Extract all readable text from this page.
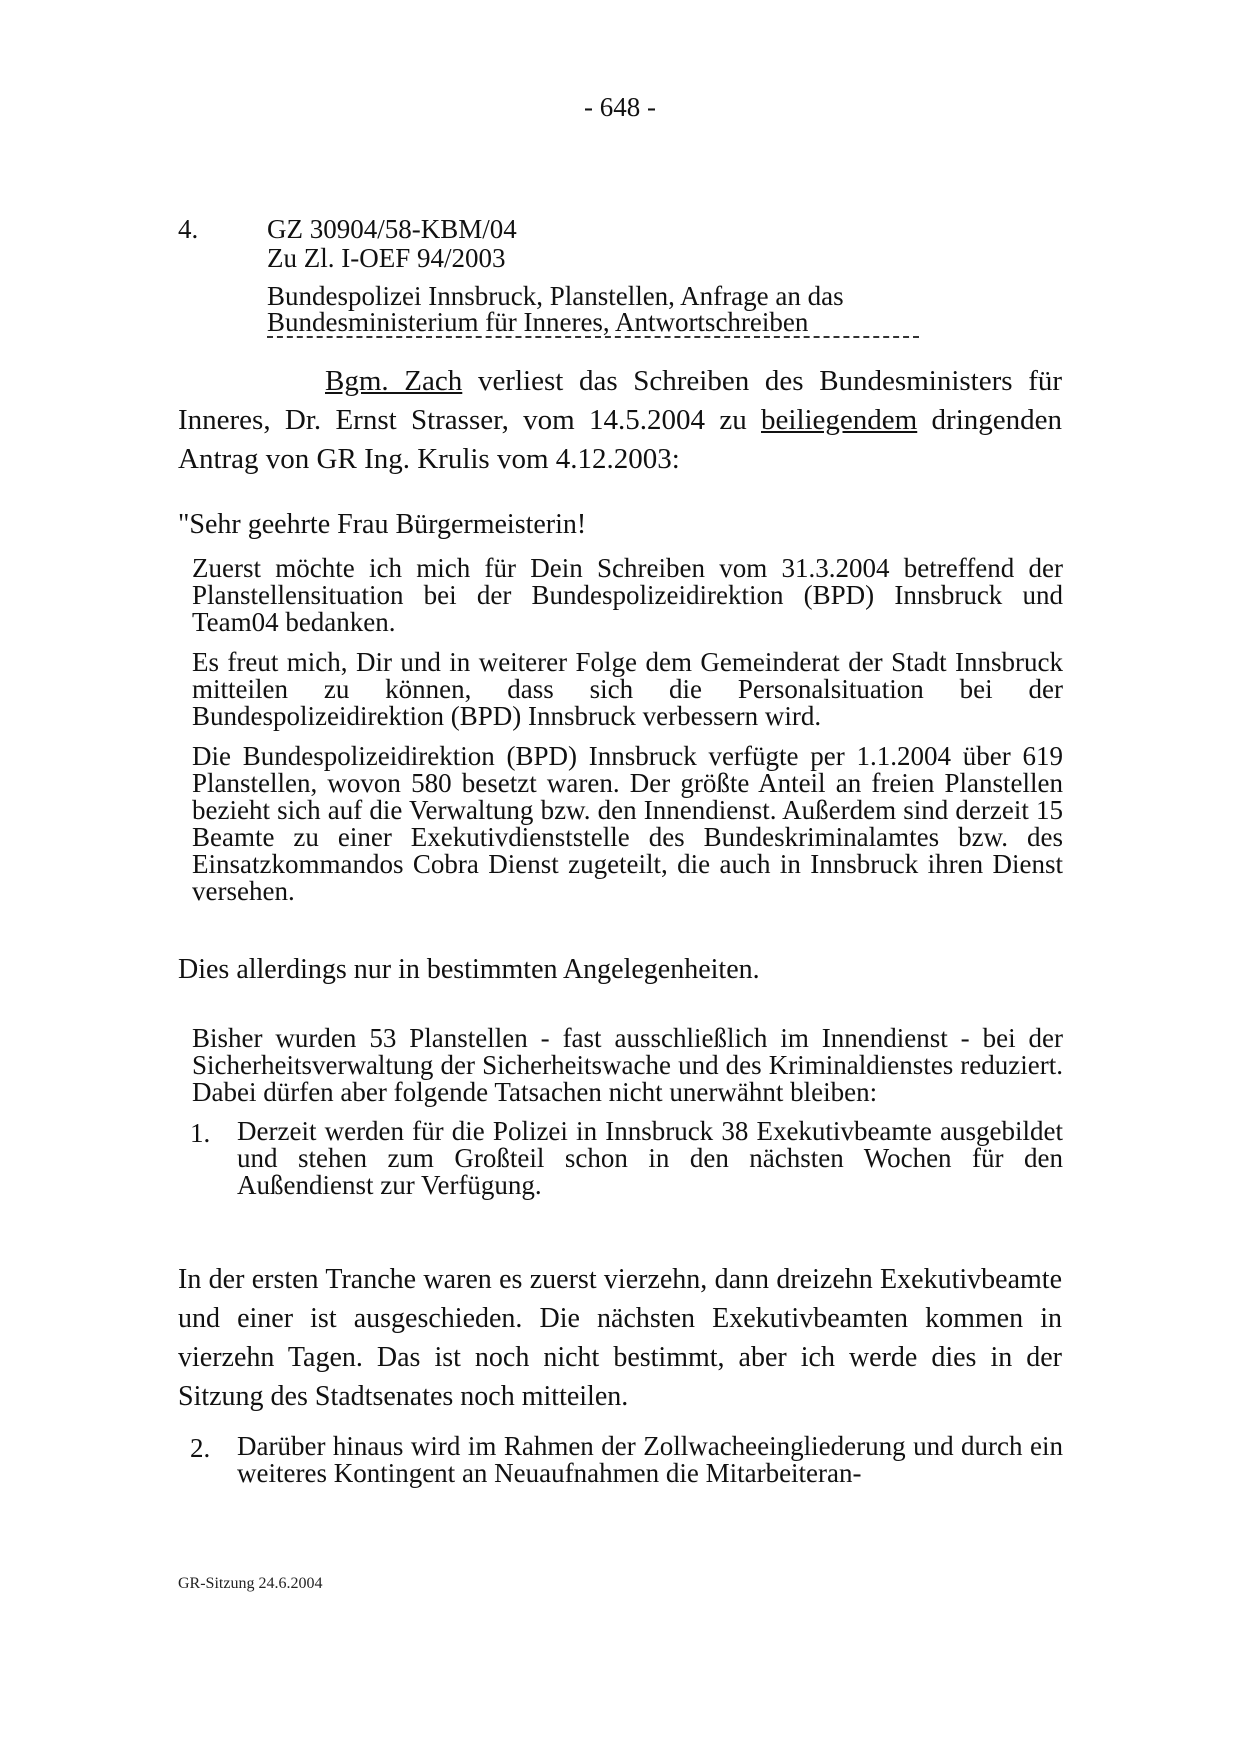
- 648 -
4.	GZ 30904/58-KBM/04
Zu Zl. I-OEF 94/2003
Bundespolizei Innsbruck, Planstellen, Anfrage an das
Bundesministerium für Inneres, Antwortschreiben
Bgm. Zach verliest das Schreiben des Bundesministers für Inneres, Dr. Ernst Strasser, vom 14.5.2004 zu beiliegendem dringenden Antrag von GR Ing. Krulis vom 4.12.2003:
"Sehr geehrte Frau Bürgermeisterin!
Zuerst möchte ich mich für Dein Schreiben vom 31.3.2004 betreffend der Planstellensituation bei der Bundespolizeidirektion (BPD) Innsbruck und Team04 bedanken.
Es freut mich, Dir und in weiterer Folge dem Gemeinderat der Stadt Innsbruck mitteilen zu können, dass sich die Personalsituation bei der Bundespolizeidirektion (BPD) Innsbruck verbessern wird.
Die Bundespolizeidirektion (BPD) Innsbruck verfügte per 1.1.2004 über 619 Planstellen, wovon 580 besetzt waren. Der größte Anteil an freien Planstellen bezieht sich auf die Verwaltung bzw. den Innendienst. Außerdem sind derzeit 15 Beamte zu einer Exekutivdienststelle des Bundeskriminalamtes bzw. des Einsatzkommandos Cobra Dienst zugeteilt, die auch in Innsbruck ihren Dienst versehen.
Dies allerdings nur in bestimmten Angelegenheiten.
Bisher wurden 53 Planstellen - fast ausschließlich im Innendienst - bei der Sicherheitsverwaltung der Sicherheitswache und des Kriminaldienstes reduziert. Dabei dürfen aber folgende Tatsachen nicht unerwähnt bleiben:
1. Derzeit werden für die Polizei in Innsbruck 38 Exekutivbeamte ausgebildet und stehen zum Großteil schon in den nächsten Wochen für den Außendienst zur Verfügung.
In der ersten Tranche waren es zuerst vierzehn, dann dreizehn Exekutivbeamte und einer ist ausgeschieden. Die nächsten Exekutivbeamten kommen in vierzehn Tagen. Das ist noch nicht bestimmt, aber ich werde dies in der Sitzung des Stadtsenates noch mitteilen.
2. Darüber hinaus wird im Rahmen der Zollwacheeingliederung und durch ein weiteres Kontingent an Neuaufnahmen die Mitarbeiteran-
GR-Sitzung 24.6.2004
